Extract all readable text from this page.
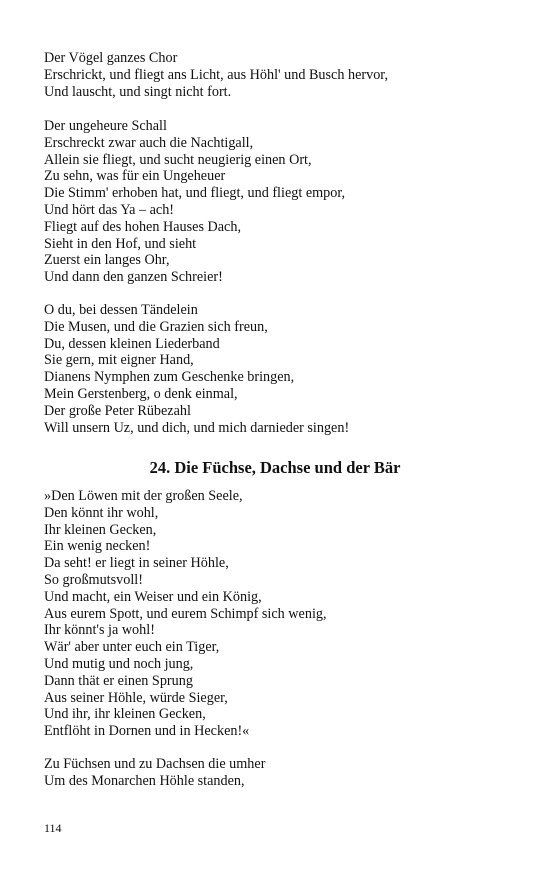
Der Vögel ganzes Chor
Erschrickt, und fliegt ans Licht, aus Höhl' und Busch hervor,
Und lauscht, und singt nicht fort.
Der ungeheure Schall
Erschreckt zwar auch die Nachtigall,
Allein sie fliegt, und sucht neugierig einen Ort,
Zu sehn, was für ein Ungeheuer
Die Stimm' erhoben hat, und fliegt, und fliegt empor,
Und hört das Ya – ach!
Fliegt auf des hohen Hauses Dach,
Sieht in den Hof, und sieht
Zuerst ein langes Ohr,
Und dann den ganzen Schreier!
O du, bei dessen Tändelein
Die Musen, und die Grazien sich freun,
Du, dessen kleinen Liederband
Sie gern, mit eigner Hand,
Dianens Nymphen zum Geschenke bringen,
Mein Gerstenberg, o denk einmal,
Der große Peter Rübezahl
Will unsern Uz, und dich, und mich darnieder singen!
24. Die Füchse, Dachse und der Bär
»Den Löwen mit der großen Seele,
Den könnt ihr wohl,
Ihr kleinen Gecken,
Ein wenig necken!
Da seht! er liegt in seiner Höhle,
So großmutsvoll!
Und macht, ein Weiser und ein König,
Aus eurem Spott, und eurem Schimpf sich wenig,
Ihr könnt's ja wohl!
Wär' aber unter euch ein Tiger,
Und mutig und noch jung,
Dann thät er einen Sprung
Aus seiner Höhle, würde Sieger,
Und ihr, ihr kleinen Gecken,
Entflöht in Dornen und in Hecken!«
Zu Füchsen und zu Dachsen die umher
Um des Monarchen Höhle standen,
114
